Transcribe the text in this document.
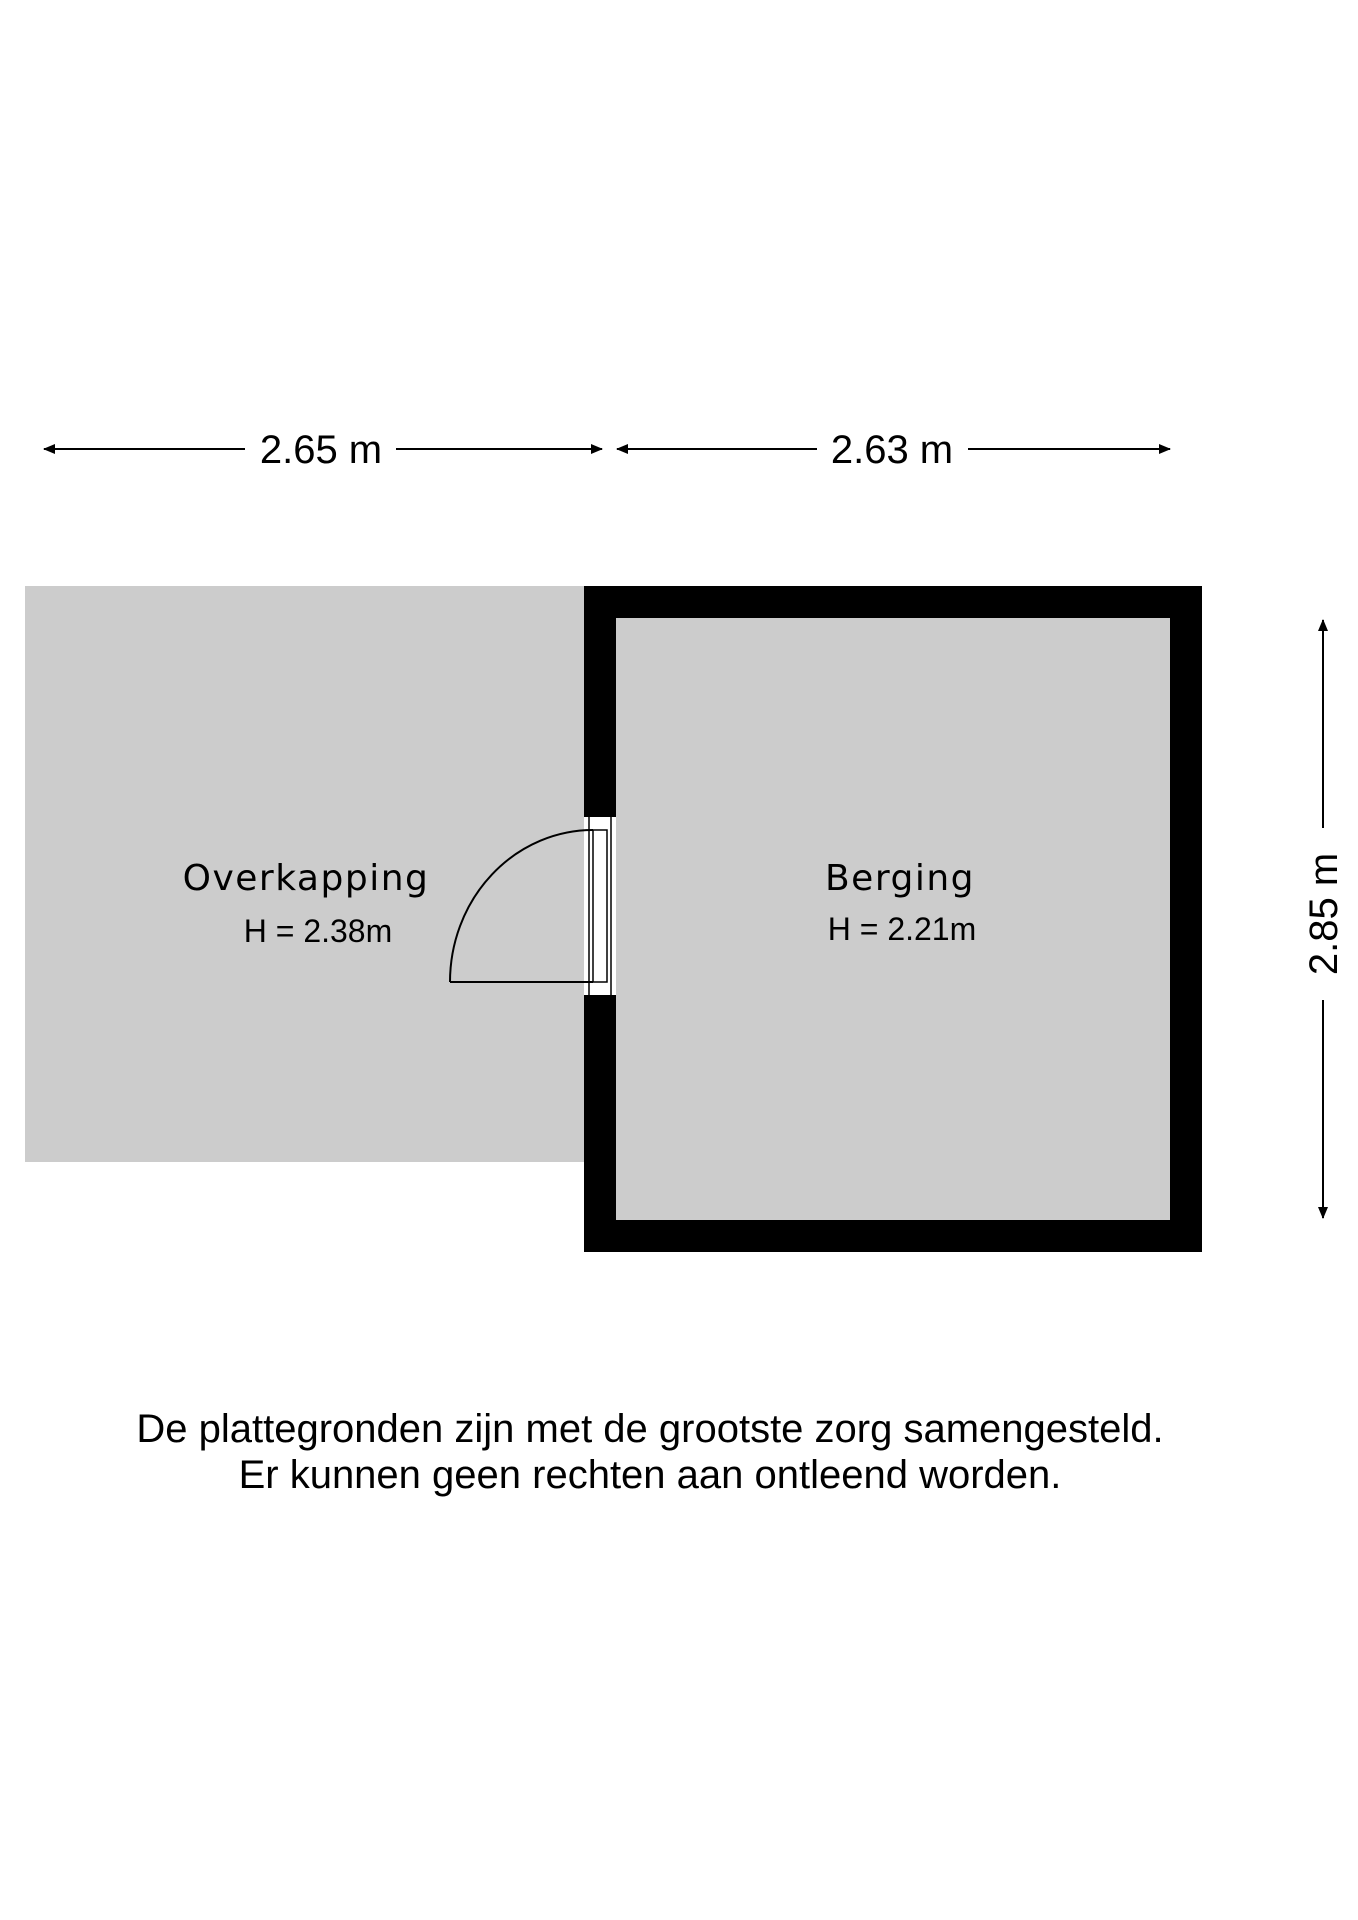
2.65 m	2.63 m
2.85 m
Overkapping
H = 2.38m
Berging
H = 2.21m
De plattegronden zijn met de grootste zorg samengesteld.
Er kunnen geen rechten aan ontleend worden.
